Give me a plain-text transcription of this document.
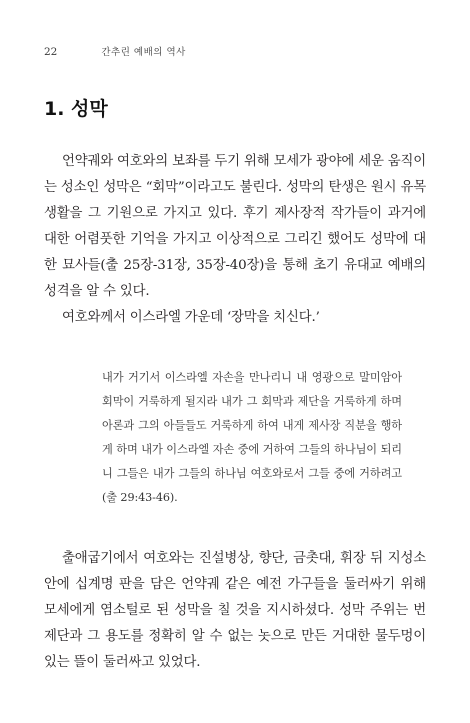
22	간추린 예배의 역사
1. 성막

언약궤와 여호와의 보좌를 두기 위해 모세가 광야에 세운 움직이는 성소인 성막은 “회막”이라고도 불린다. 성막의 탄생은 원시 유목 생활을 그 기원으로 가지고 있다. 후기 제사장적 작가들이 과거에 대한 어렴풋한 기억을 가지고 이상적으로 그리긴 했어도 성막에 대한 묘사들(출 25장-31장, 35장-40장)을 통해 초기 유대교 예배의 성격을 알 수 있다.

여호와께서 이스라엘 가운데 ‘장막을 치신다.’

내가 거기서 이스라엘 자손을 만나리니 내 영광으로 말미암아 회막이 거룩하게 될지라 내가 그 회막과 제단을 거룩하게 하며 아론과 그의 아들들도 거룩하게 하여 내게 제사장 직분을 행하게 하며 내가 이스라엘 자손 중에 거하여 그들의 하나님이 되리니 그들은 내가 그들의 하나님 여호와로서 그들 중에 거하려고 (출 29:43-46).

출애굽기에서 여호와는 진설병상, 향단, 금촛대, 휘장 뒤 지성소 안에 십계명 판을 담은 언약궤 같은 예전 가구들을 둘러싸기 위해 모세에게 염소털로 된 성막을 칠 것을 지시하셨다. 성막 주위는 번제단과 그 용도를 정확히 알 수 없는 놋으로 만든 거대한 물두멍이 있는 뜰이 둘러싸고 있었다.
